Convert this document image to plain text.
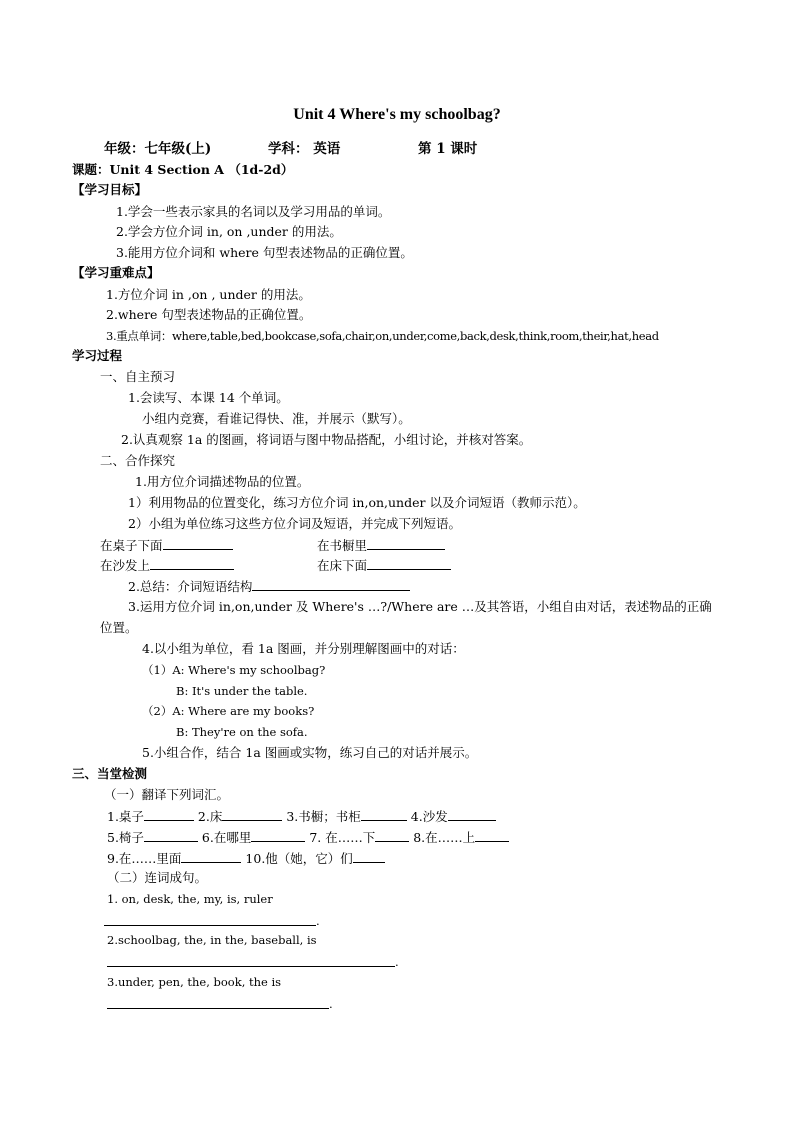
Unit 4 Where's my schoolbag?
年级：七年级(上)	学科： 英语	第 1 课时
课题：Unit 4 Section A （1d-2d）
【学习目标】
1.学会一些表示家具的名词以及学习用品的单词。
2.学会方位介词 in, on ,under 的用法。
3.能用方位介词和 where 句型表述物品的正确位置。
【学习重难点】
1.方位介词 in ,on , under 的用法。
2.where 句型表述物品的正确位置。
3.重点单词：where,table,bed,bookcase,sofa,chair,on,under,come,back,desk,think,room,their,hat,head
学习过程
一、自主预习
1.会读写、本课 14 个单词。
小组内竞赛，看谁记得快、准，并展示（默写）。
2.认真观察 1a 的图画，将词语与图中物品搭配，小组讨论，并核对答案。
二、合作探究
1.用方位介词描述物品的位置。
1）利用物品的位置变化，练习方位介词 in,on,under 以及介词短语（教师示范）。
2）小组为单位练习这些方位介词及短语，并完成下列短语。
在桌子下面	在书橱里
在沙发上	在床下面
2.总结：介词短语结构
3.运用方位介词 in,on,under 及 Where's …?/Where are …及其答语，小组自由对话，表述物品的正确
位置。
4.以小组为单位，看 1a 图画，并分别理解图画中的对话：
（1）A: Where's my schoolbag?
B: It's under the table.
（2）A: Where are my books?
B: They're on the sofa.
5.小组合作，结合 1a 图画或实物，练习自己的对话并展示。
三、当堂检测
（一）翻译下列词汇。
1.桌子	2.床	3.书橱；书柜	4.沙发
5.椅子	6.在哪里	7. 在……下	8.在……上
9.在……里面	10.他（她，它）们
（二）连词成句。
1. on, desk, the, my, is, ruler
.
2.schoolbag, the, in the, baseball, is
.
3.under, pen, the, book, the is
.
